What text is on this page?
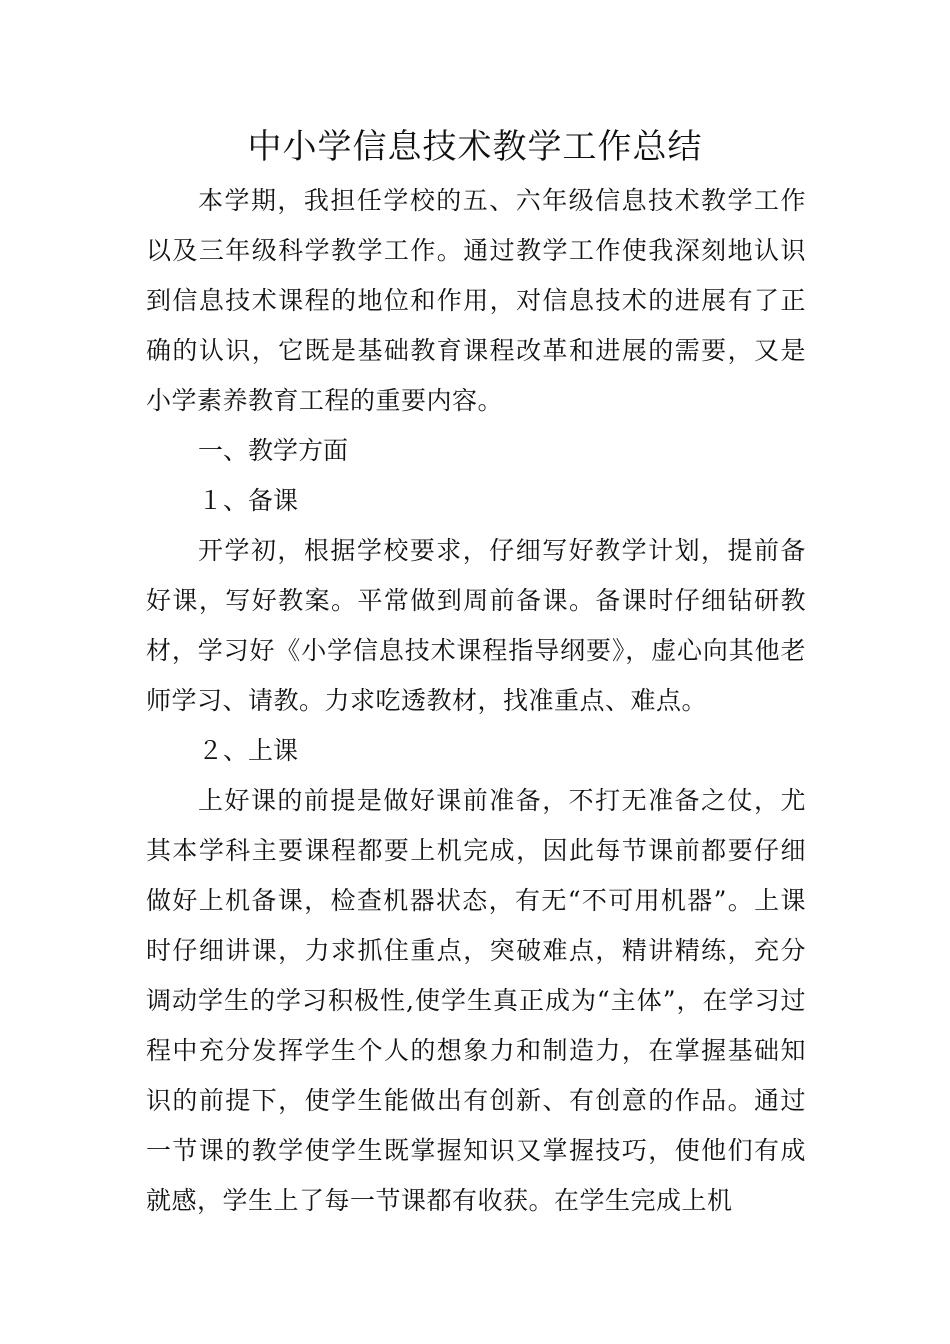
中小学信息技术教学工作总结

本学期，我担任学校的五、六年级信息技术教学工作以及三年级科学教学工作。通过教学工作使我深刻地认识到信息技术课程的地位和作用，对信息技术的进展有了正确的认识，它既是基础教育课程改革和进展的需要，又是小学素养教育工程的重要内容。

一、教学方面

１、备课

开学初，根据学校要求，仔细写好教学计划，提前备好课，写好教案。平常做到周前备课。备课时仔细钻研教材，学习好《小学信息技术课程指导纲要》，虚心向其他老师学习、请教。力求吃透教材，找准重点、难点。

２、上课

上好课的前提是做好课前准备，不打无准备之仗，尤其本学科主要课程都要上机完成，因此每节课前都要仔细做好上机备课，检查机器状态，有无“不可用机器”。上课时仔细讲课，力求抓住重点，突破难点，精讲精练，充分调动学生的学习积极性,使学生真正成为“主体”，在学习过程中充分发挥学生个人的想象力和制造力，在掌握基础知识的前提下，使学生能做出有创新、有创意的作品。通过一节课的教学使学生既掌握知识又掌握技巧，使他们有成就感，学生上了每一节课都有收获。在学生完成上机
